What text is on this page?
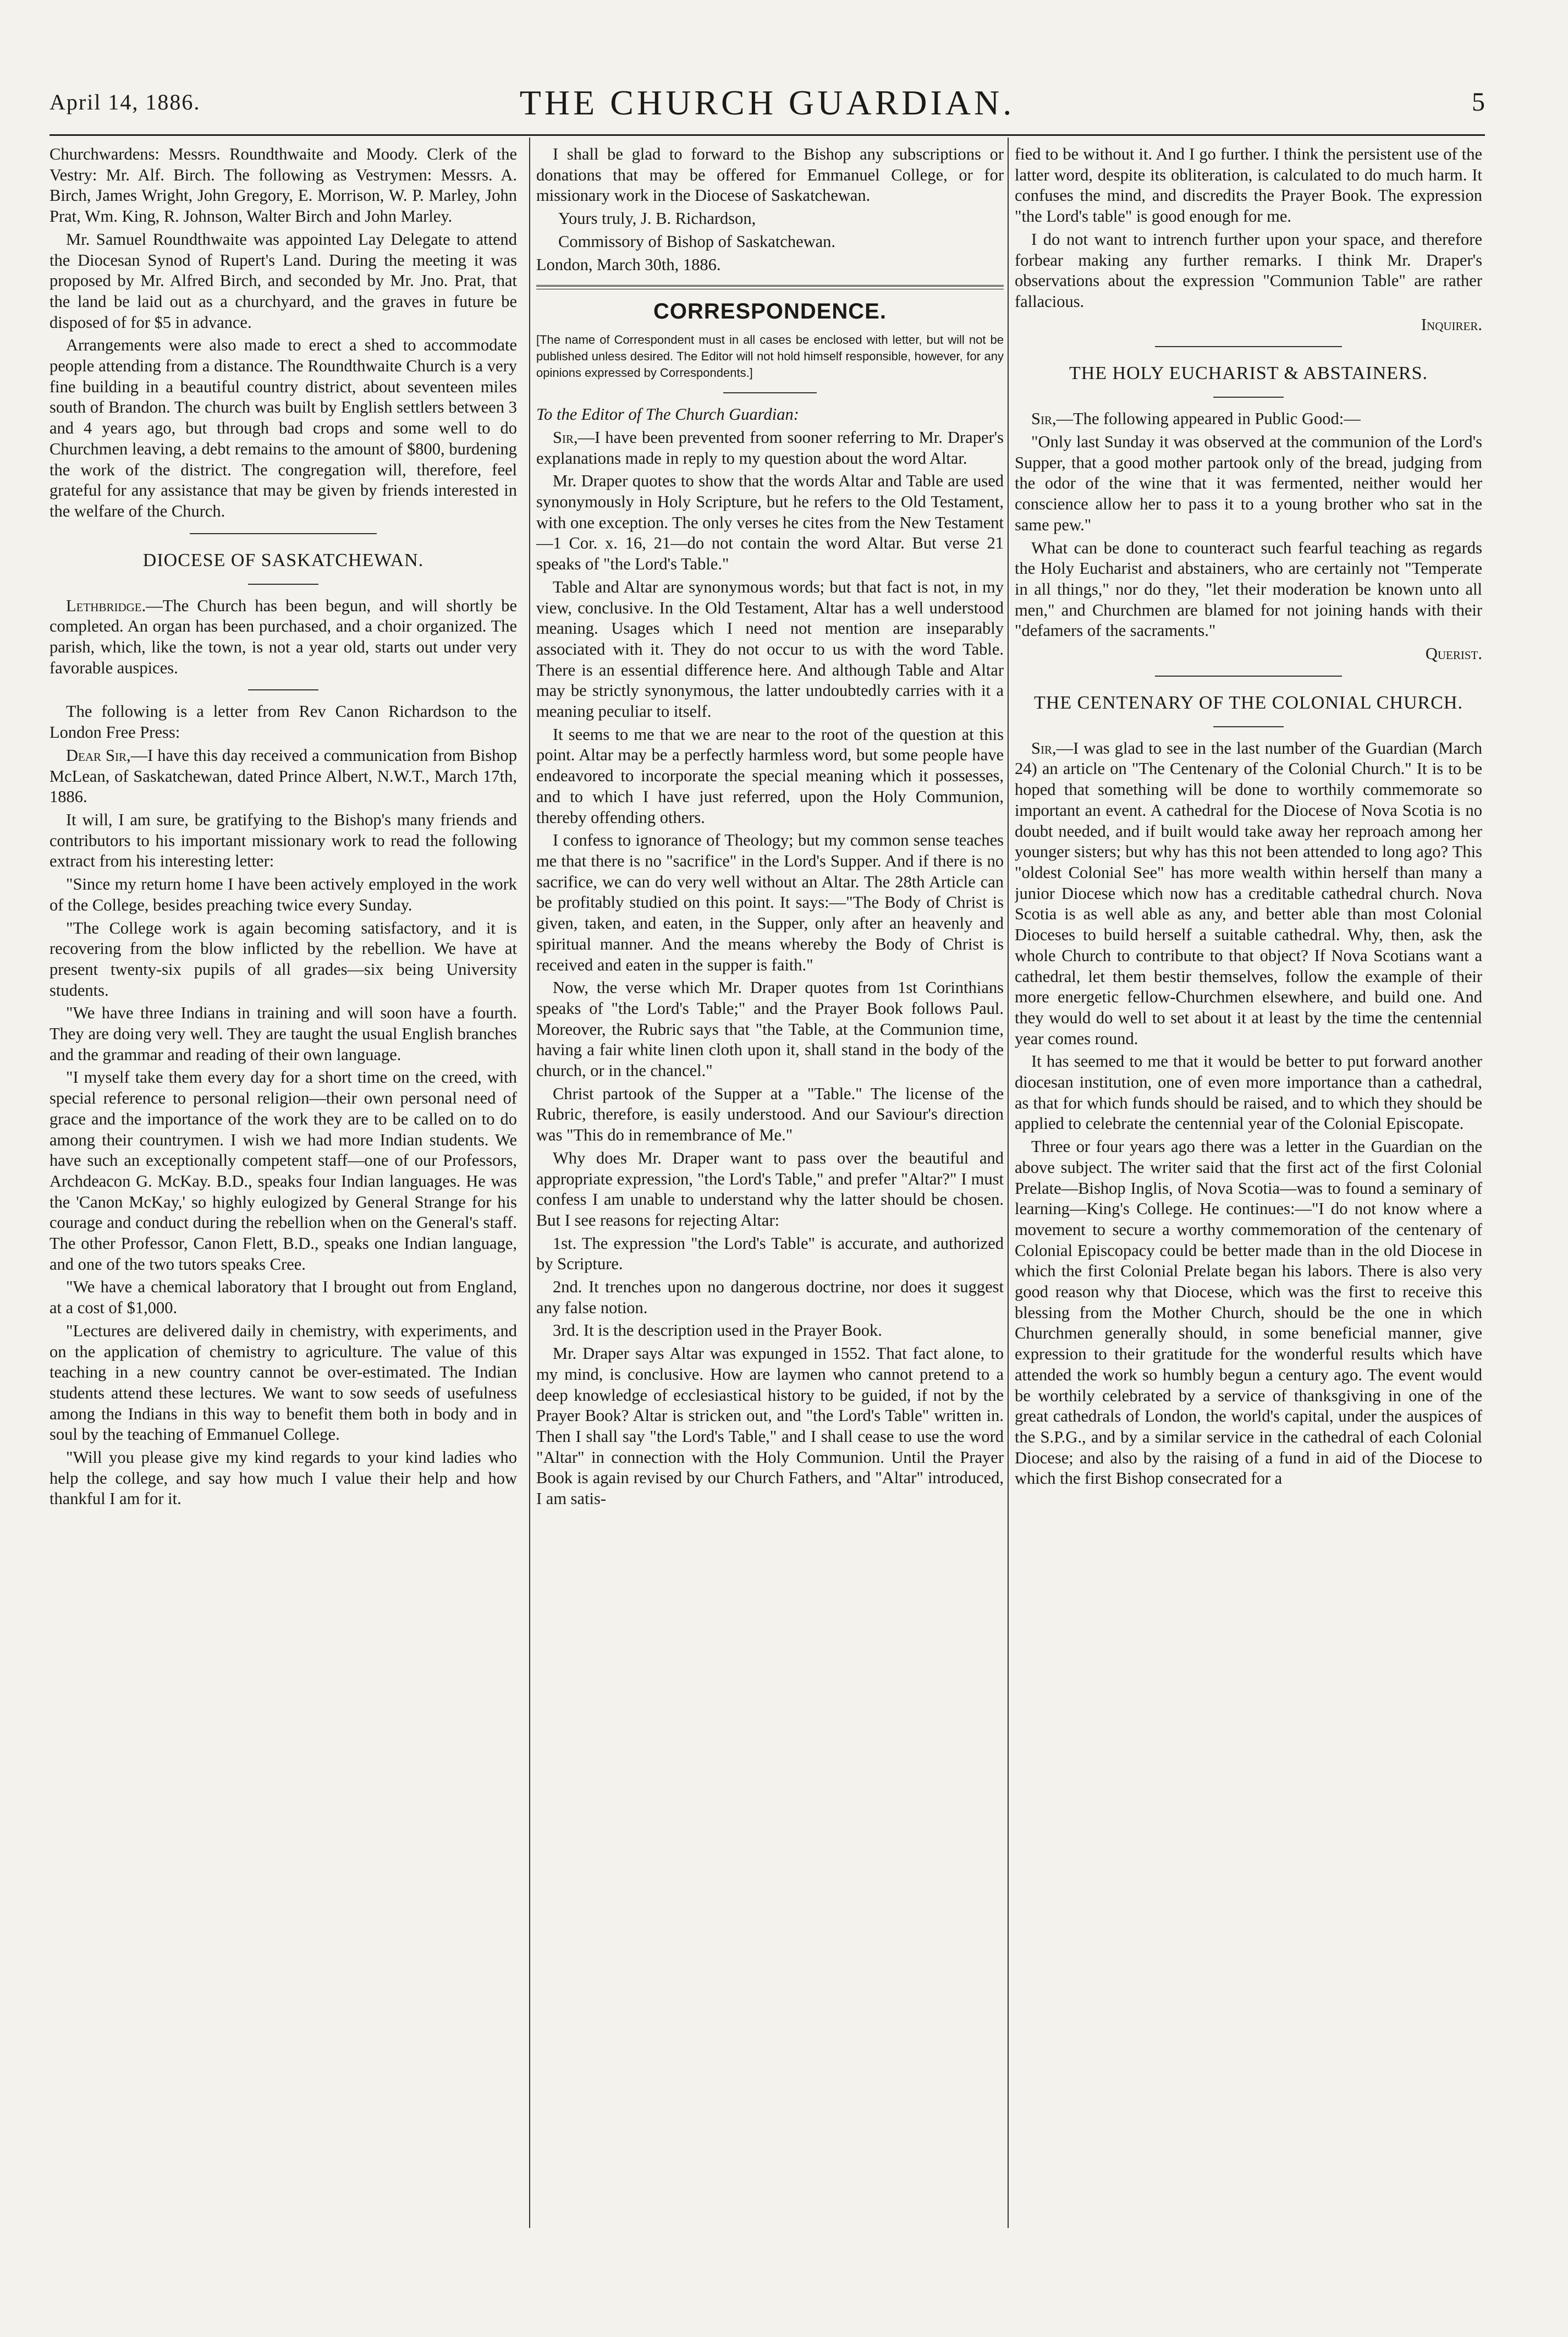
April 14, 1886.	THE CHURCH GUARDIAN.	5

Churchwardens: Messrs. Roundthwaite and Moody. Clerk of the Vestry: Mr. Alf. Birch. The following as Vestrymen: Messrs. A. Birch, James Wright, John Gregory, E. Morrison, W. P. Marley, John Prat, Wm. King, R. Johnson, Walter Birch and John Marley.

Mr. Samuel Roundthwaite was appointed Lay Delegate to attend the Diocesan Synod of Rupert's Land. During the meeting it was proposed by Mr. Alfred Birch, and seconded by Mr. Jno. Prat, that the land be laid out as a churchyard, and the graves in future be disposed of for $5 in advance.

Arrangements were also made to erect a shed to accommodate people attending from a distance. The Roundthwaite Church is a very fine building in a beautiful country district, about seventeen miles south of Brandon. The church was built by English settlers between 3 and 4 years ago, but through bad crops and some well to do Churchmen leaving, a debt remains to the amount of $800, burdening the work of the district. The congregation will, therefore, feel grateful for any assistance that may be given by friends interested in the welfare of the Church.

DIOCESE OF SASKATCHEWAN.

Lethbridge.—The Church has been begun, and will shortly be completed. An organ has been purchased, and a choir organized. The parish, which, like the town, is not a year old, starts out under very favorable auspices.

The following is a letter from Rev Canon Richardson to the London Free Press:

Dear Sir,—I have this day received a communication from Bishop McLean, of Saskatchewan, dated Prince Albert, N.W.T., March 17th, 1886.

It will, I am sure, be gratifying to the Bishop's many friends and contributors to his important missionary work to read the following extract from his interesting letter:

"Since my return home I have been actively employed in the work of the College, besides preaching twice every Sunday.

"The College work is again becoming satisfactory, and it is recovering from the blow inflicted by the rebellion. We have at present twenty-six pupils of all grades—six being University students.

"We have three Indians in training and will soon have a fourth. They are doing very well. They are taught the usual English branches and the grammar and reading of their own language.

"I myself take them every day for a short time on the creed, with special reference to personal religion—their own personal need of grace and the importance of the work they are to be called on to do among their countrymen. I wish we had more Indian students. We have such an exceptionally competent staff—one of our Professors, Archdeacon G. McKay. B.D., speaks four Indian languages. He was the 'Canon McKay,' so highly eulogized by General Strange for his courage and conduct during the rebellion when on the General's staff. The other Professor, Canon Flett, B.D., speaks one Indian language, and one of the two tutors speaks Cree.

"We have a chemical laboratory that I brought out from England, at a cost of $1,000.

"Lectures are delivered daily in chemistry, with experiments, and on the application of chemistry to agriculture. The value of this teaching in a new country cannot be over-estimated. The Indian students attend these lectures. We want to sow seeds of usefulness among the Indians in this way to benefit them both in body and in soul by the teaching of Emmanuel College.

"Will you please give my kind regards to your kind ladies who help the college, and say how much I value their help and how thankful I am for it.

I shall be glad to forward to the Bishop any subscriptions or donations that may be offered for Emmanuel College, or for missionary work in the Diocese of Saskatchewan.

Yours truly, J. B. Richardson,

Commissory of Bishop of Saskatchewan.

London, March 30th, 1886.

CORRESPONDENCE.

[The name of Correspondent must in all cases be enclosed with letter, but will not be published unless desired. The Editor will not hold himself responsible, however, for any opinions expressed by Correspondents.]

To the Editor of The Church Guardian:

Sir,—I have been prevented from sooner referring to Mr. Draper's explanations made in reply to my question about the word Altar.

Mr. Draper quotes to show that the words Altar and Table are used synonymously in Holy Scripture, but he refers to the Old Testament, with one exception. The only verses he cites from the New Testament—1 Cor. x. 16, 21—do not contain the word Altar. But verse 21 speaks of "the Lord's Table."

Table and Altar are synonymous words; but that fact is not, in my view, conclusive. In the Old Testament, Altar has a well understood meaning. Usages which I need not mention are inseparably associated with it. They do not occur to us with the word Table. There is an essential difference here. And although Table and Altar may be strictly synonymous, the latter undoubtedly carries with it a meaning peculiar to itself.

It seems to me that we are near to the root of the question at this point. Altar may be a perfectly harmless word, but some people have endeavored to incorporate the special meaning which it possesses, and to which I have just referred, upon the Holy Communion, thereby offending others.

I confess to ignorance of Theology; but my common sense teaches me that there is no "sacrifice" in the Lord's Supper. And if there is no sacrifice, we can do very well without an Altar. The 28th Article can be profitably studied on this point. It says:—"The Body of Christ is given, taken, and eaten, in the Supper, only after an heavenly and spiritual manner. And the means whereby the Body of Christ is received and eaten in the supper is faith."

Now, the verse which Mr. Draper quotes from 1st Corinthians speaks of "the Lord's Table;" and the Prayer Book follows Paul. Moreover, the Rubric says that "the Table, at the Communion time, having a fair white linen cloth upon it, shall stand in the body of the church, or in the chancel."

Christ partook of the Supper at a "Table." The license of the Rubric, therefore, is easily understood. And our Saviour's direction was "This do in remembrance of Me."

Why does Mr. Draper want to pass over the beautiful and appropriate expression, "the Lord's Table," and prefer "Altar?" I must confess I am unable to understand why the latter should be chosen. But I see reasons for rejecting Altar:

1st. The expression "the Lord's Table" is accurate, and authorized by Scripture.

2nd. It trenches upon no dangerous doctrine, nor does it suggest any false notion.

3rd. It is the description used in the Prayer Book.

Mr. Draper says Altar was expunged in 1552. That fact alone, to my mind, is conclusive. How are laymen who cannot pretend to a deep knowledge of ecclesiastical history to be guided, if not by the Prayer Book? Altar is stricken out, and "the Lord's Table" written in. Then I shall say "the Lord's Table," and I shall cease to use the word "Altar" in connection with the Holy Communion. Until the Prayer Book is again revised by our Church Fathers, and "Altar" introduced, I am satis-

fied to be without it. And I go further. I think the persistent use of the latter word, despite its obliteration, is calculated to do much harm. It confuses the mind, and discredits the Prayer Book. The expression "the Lord's table" is good enough for me.

I do not want to intrench further upon your space, and therefore forbear making any further remarks. I think Mr. Draper's observations about the expression "Communion Table" are rather fallacious.

Inquirer.

THE HOLY EUCHARIST & ABSTAINERS.

Sir,—The following appeared in Public Good:—

"Only last Sunday it was observed at the communion of the Lord's Supper, that a good mother partook only of the bread, judging from the odor of the wine that it was fermented, neither would her conscience allow her to pass it to a young brother who sat in the same pew."

What can be done to counteract such fearful teaching as regards the Holy Eucharist and abstainers, who are certainly not "Temperate in all things," nor do they, "let their moderation be known unto all men," and Churchmen are blamed for not joining hands with their "defamers of the sacraments."

Querist.

THE CENTENARY OF THE COLONIAL CHURCH.

Sir,—I was glad to see in the last number of the Guardian (March 24) an article on "The Centenary of the Colonial Church." It is to be hoped that something will be done to worthily commemorate so important an event. A cathedral for the Diocese of Nova Scotia is no doubt needed, and if built would take away her reproach among her younger sisters; but why has this not been attended to long ago? This "oldest Colonial See" has more wealth within herself than many a junior Diocese which now has a creditable cathedral church. Nova Scotia is as well able as any, and better able than most Colonial Dioceses to build herself a suitable cathedral. Why, then, ask the whole Church to contribute to that object? If Nova Scotians want a cathedral, let them bestir themselves, follow the example of their more energetic fellow-Churchmen elsewhere, and build one. And they would do well to set about it at least by the time the centennial year comes round.

It has seemed to me that it would be better to put forward another diocesan institution, one of even more importance than a cathedral, as that for which funds should be raised, and to which they should be applied to celebrate the centennial year of the Colonial Episcopate.

Three or four years ago there was a letter in the Guardian on the above subject. The writer said that the first act of the first Colonial Prelate—Bishop Inglis, of Nova Scotia—was to found a seminary of learning—King's College. He continues:—"I do not know where a movement to secure a worthy commemoration of the centenary of Colonial Episcopacy could be better made than in the old Diocese in which the first Colonial Prelate began his labors. There is also very good reason why that Diocese, which was the first to receive this blessing from the Mother Church, should be the one in which Churchmen generally should, in some beneficial manner, give expression to their gratitude for the wonderful results which have attended the work so humbly begun a century ago. The event would be worthily celebrated by a service of thanksgiving in one of the great cathedrals of London, the world's capital, under the auspices of the S.P.G., and by a similar service in the cathedral of each Colonial Diocese; and also by the raising of a fund in aid of the Diocese to which the first Bishop consecrated for a
